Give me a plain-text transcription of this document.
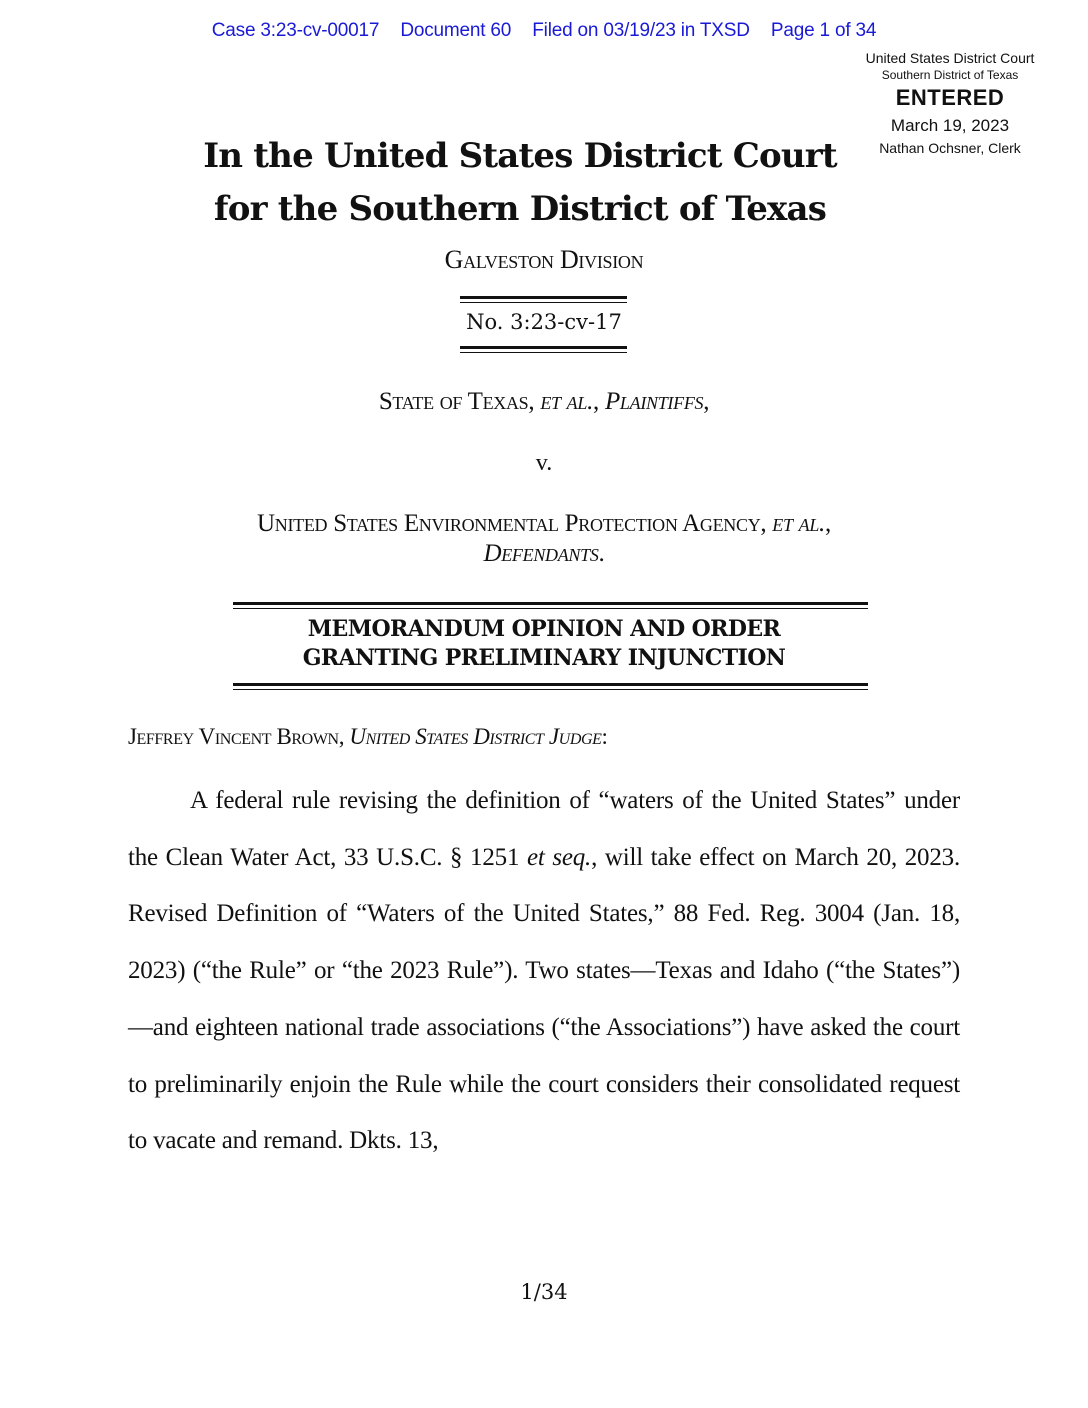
Case 3:23-cv-00017 Document 60 Filed on 03/19/23 in TXSD Page 1 of 34
United States District Court
Southern District of Texas
ENTERED
March 19, 2023
Nathan Ochsner, Clerk
In the United States District Court
for the Southern District of Texas
Galveston Division
No. 3:23-cv-17
State of Texas, et al., Plaintiffs,
v.
United States Environmental Protection Agency, et al.,
Defendants.
MEMORANDUM OPINION AND ORDER
GRANTING PRELIMINARY INJUNCTION
Jeffrey Vincent Brown, United States District Judge:

A federal rule revising the definition of “waters of the United States” under the Clean Water Act, 33 U.S.C. § 1251 et seq., will take effect on March 20, 2023. Revised Definition of “Waters of the United States,” 88 Fed. Reg. 3004 (Jan. 18, 2023) (“the Rule” or “the 2023 Rule”). Two states—Texas and Idaho (“the States”)—and eighteen national trade associations (“the Associations”) have asked the court to preliminarily enjoin the Rule while the court considers their consolidated request to vacate and remand. Dkts. 13,

1/34
